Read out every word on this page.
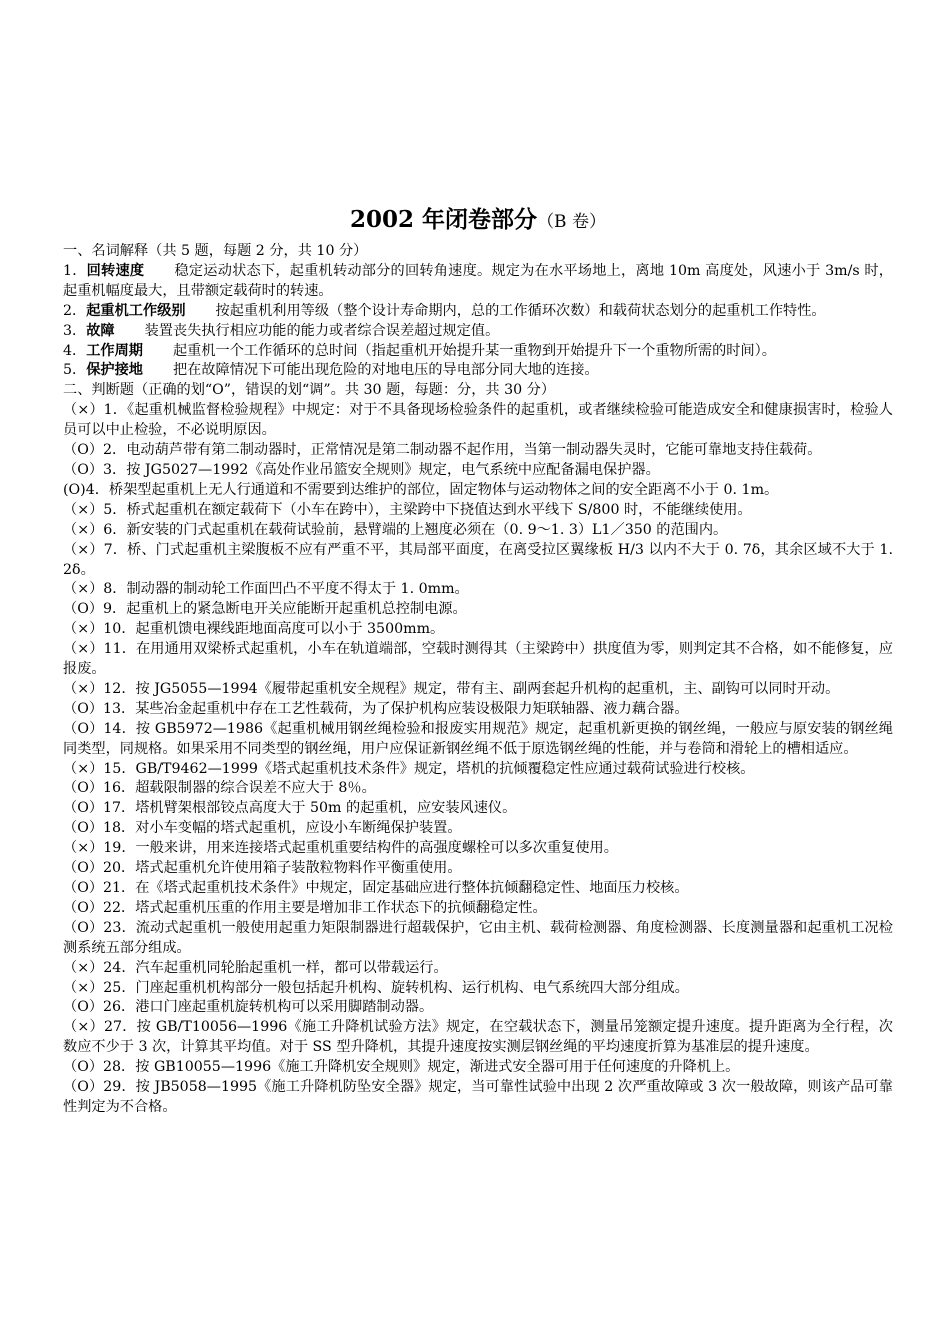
2002 年闭卷部分（B 卷）

一、名词解释（共 5 题，每题 2 分，共 10 分）

1．回转速度 稳定运动状态下，起重机转动部分的回转角速度。规定为在水平场地上，离地 10m 高度处，风速小于 3m/s 时，起重机幅度最大，且带额定载荷时的转速。

2．起重机工作级别 按起重机利用等级（整个设计寿命期内，总的工作循环次数）和载荷状态划分的起重机工作特性。

3．故障 装置丧失执行相应功能的能力或者综合误差超过规定值。

4．工作周期 起重机一个工作循环的总时间（指起重机开始提升某一重物到开始提升下一个重物所需的时间）。

5．保护接地 把在故障情况下可能出现危险的对地电压的导电部分同大地的连接。

二、判断题（正确的划“O”，错误的划“调”。共 30 题，每题：分，共 30 分）

（×）1．《起重机械监督检验规程》中规定：对于不具备现场检验条件的起重机，或者继续检验可能造成安全和健康损害时，检验人员可以中止检验，不必说明原因。

（O）2．电动葫芦带有第二制动器时，正常情况是第二制动器不起作用，当第一制动器失灵时，它能可靠地支持住载荷。

（O）3．按 JG5027—1992《高处作业吊篮安全规则》规定，电气系统中应配备漏电保护器。

(O)4．桥架型起重机上无人行通道和不需要到达维护的部位，固定物体与运动物体之间的安全距离不小于 0. 1m。

（×）5．桥式起重机在额定载荷下（小车在跨中），主梁跨中下挠值达到水平线下 S/800 时，不能继续使用。

（×）6．新安装的门式起重机在载荷试验前，悬臂端的上翘度必须在（0. 9～1. 3）L1／350 的范围内。

（×）7．桥、门式起重机主梁腹板不应有严重不平，其局部平面度，在离受拉区翼缘板 H/3 以内不大于 0. 7δ，其余区域不大于 1. 2δ。

（×）8．制动器的制动轮工作面凹凸不平度不得太于 1. 0mm。

（O）9．起重机上的紧急断电开关应能断开起重机总控制电源。

（×）10．起重机馈电裸线距地面高度可以小于 3500mm。

（×）11．在用通用双梁桥式起重机，小车在轨道端部，空载时测得其（主梁跨中）拱度值为零，则判定其不合格，如不能修复，应报废。

（×）12．按 JG5055—1994《履带起重机安全规程》规定，带有主、副两套起升机构的起重机，主、副钩可以同时开动。

（O）13．某些冶金起重机中存在工艺性载荷，为了保护机构应装设极限力矩联轴器、液力藕合器。

（O）14．按 GB5972—1986《起重机械用钢丝绳检验和报废实用规范》规定，起重机新更换的钢丝绳，一般应与原安装的钢丝绳同类型，同规格。如果采用不同类型的钢丝绳，用户应保证新钢丝绳不低于原选钢丝绳的性能，并与卷筒和滑轮上的槽相适应。

（×）15．GB/T9462—1999《塔式起重机技术条件》规定，塔机的抗倾覆稳定性应通过载荷试验进行校核。

（O）16．超载限制器的综合误差不应大于 8％。

（O）17．塔机臂架根部铰点高度大于 50m 的起重机，应安装风速仪。

（O）18．对小车变幅的塔式起重机，应设小车断绳保护装置。

（×）19．一般来讲，用来连接塔式起重机重要结构件的高强度螺栓可以多次重复使用。

（O）20．塔式起重机允许使用箱子装散粒物料作平衡重使用。

（O）21．在《塔式起重机技术条件》中规定，固定基础应进行整体抗倾翻稳定性、地面压力校核。

（O）22．塔式起重机压重的作用主要是增加非工作状态下的抗倾翻稳定性。

（O）23．流动式起重机一般使用起重力矩限制器进行超载保护，它由主机、载荷检测器、角度检测器、长度测量器和起重机工况检测系统五部分组成。

（×）24．汽车起重机同轮胎起重机一样，都可以带载运行。

（×）25．门座起重机机构部分一般包括起升机构、旋转机构、运行机构、电气系统四大部分组成。

（O）26．港口门座起重机旋转机构可以采用脚踏制动器。

（×）27．按 GB/T10056—1996《施工升降机试验方法》规定，在空载状态下，测量吊笼额定提升速度。提升距离为全行程，次数应不少于 3 次，计算其平均值。对于 SS 型升降机，其提升速度按实测层钢丝绳的平均速度折算为基准层的提升速度。

（O）28．按 GB10055—1996《施工升降机安全规则》规定，渐进式安全器可用于任何速度的升降机上。

（O）29．按 JB5058—1995《施工升降机防坠安全器》规定，当可靠性试验中出现 2 次严重故障或 3 次一般故障，则该产品可靠性判定为不合格。
